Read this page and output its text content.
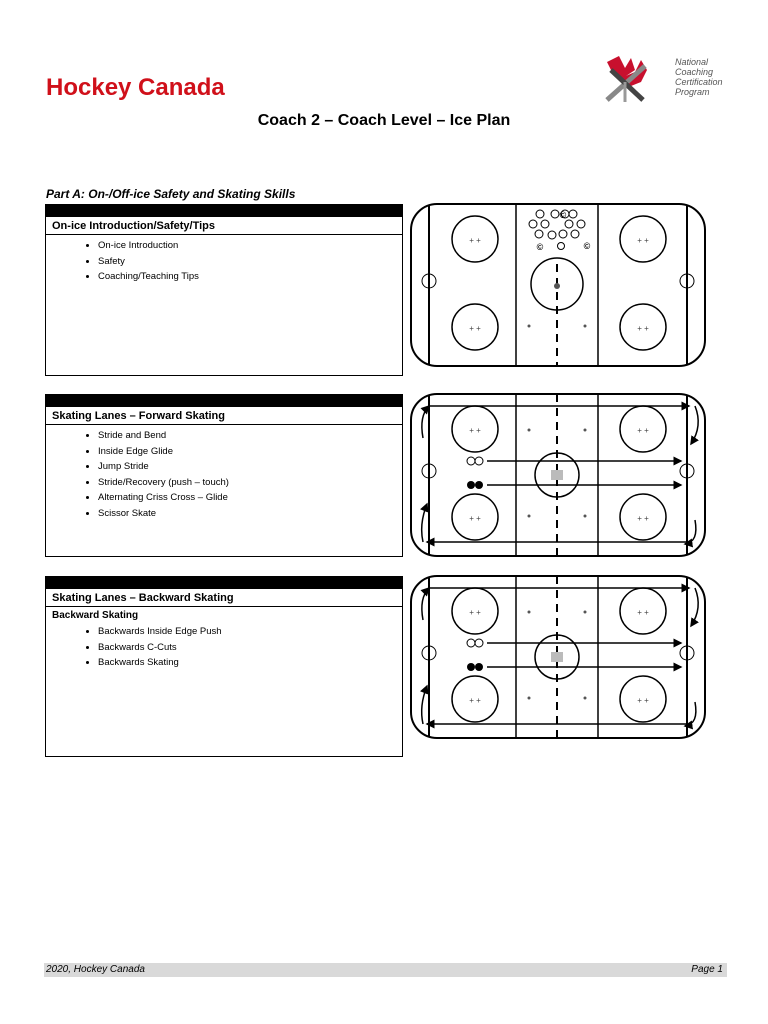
Hockey Canada
National
Coaching
Certification
Program
Coach 2 – Coach Level – Ice Plan
Part A: On-/Off-ice Safety and Skating Skills
On-ice Introduction/Safety/Tips
• On-ice Introduction
• Safety
• Coaching/Teaching Tips
Skating Lanes – Forward Skating
• Stride and Bend
• Inside Edge Glide
• Jump Stride
• Stride/Recovery (push – touch)
• Alternating Criss Cross – Glide
• Scissor Skate
Skating Lanes – Backward Skating
Backward Skating
• Backwards Inside Edge Push
• Backwards C-Cuts
• Backwards Skating
+ +
+ +
+ +
+ +
©
©	©
+ +
+ +
+ +
+ +
+ +
+ +
+ +
+ +
2020, Hockey Canada	Page 1
